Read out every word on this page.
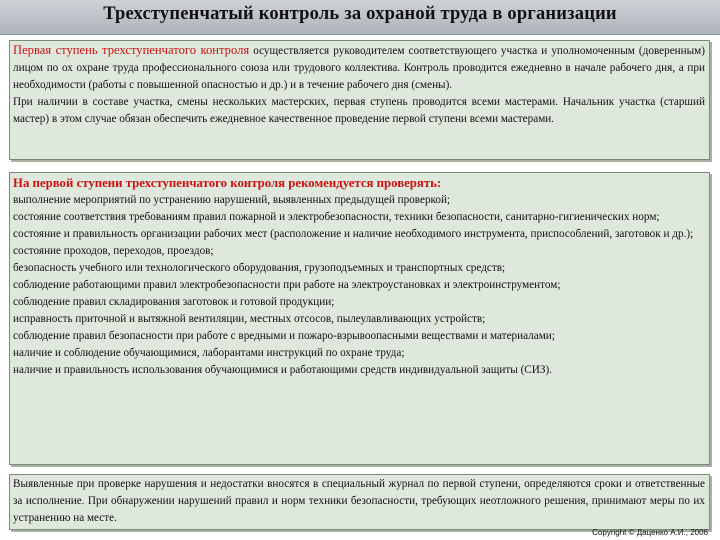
Трехступенчатый контроль за охраной труда в организации

Первая ступень трехступенчатого контроля осуществляется руководителем соответствующего участка и уполномоченным (доверенным) лицом по ох охране труда профессионального союза или трудового коллектива. Контроль проводится ежедневно в начале рабочего дня, а при необходимости (работы с повышенной опасностью и др.) и в течение рабочего дня (смены).

При наличии в составе участка, смены нескольких мастерских, первая ступень проводится всеми мастерами. Начальник участка (старший мастер) в этом случае обязан обеспечить ежедневное качественное проведение первой ступени всеми мастерами.

На первой ступени трехступенчатого контроля рекомендуется проверять:

выполнение мероприятий по устранению нарушений, выявленных предыдущей проверкой;

состояние соответствия требованиям правил пожарной и электробезопасности, техники безопасности, санитарно-гигиенических норм;

состояние и правильность организации рабочих мест (расположение и наличие необходимого инструмента, приспособлений, заготовок и др.);

состояние проходов, переходов, проездов;

безопасность учебного или технологического оборудования, грузоподъемных и транспортных средств;

соблюдение работающими правил электробезопасности при работе на электроустановках и электроинструментом;

соблюдение правил складирования заготовок и готовой продукции;

исправность приточной и вытяжной вентиляции, местных отсосов, пылеулавливающих устройств;

соблюдение правил безопасности при работе с вредными и пожаро-взрывоопасными веществами и материалами;

наличие и соблюдение обучающимися, лаборантами инструкций по охране труда;

наличие и правильность использования обучающимися и работающими средств индивидуальной защиты (СИЗ).

Выявленные при проверке нарушения и недостатки вносятся в специальный журнал по первой ступени, определяются сроки и ответственные за исполнение. При обнаружении нарушений правил и норм техники безопасности, требующих неотложного решения, принимают меры по их устранению на месте.

Copyright © Даценко А.И., 2006
